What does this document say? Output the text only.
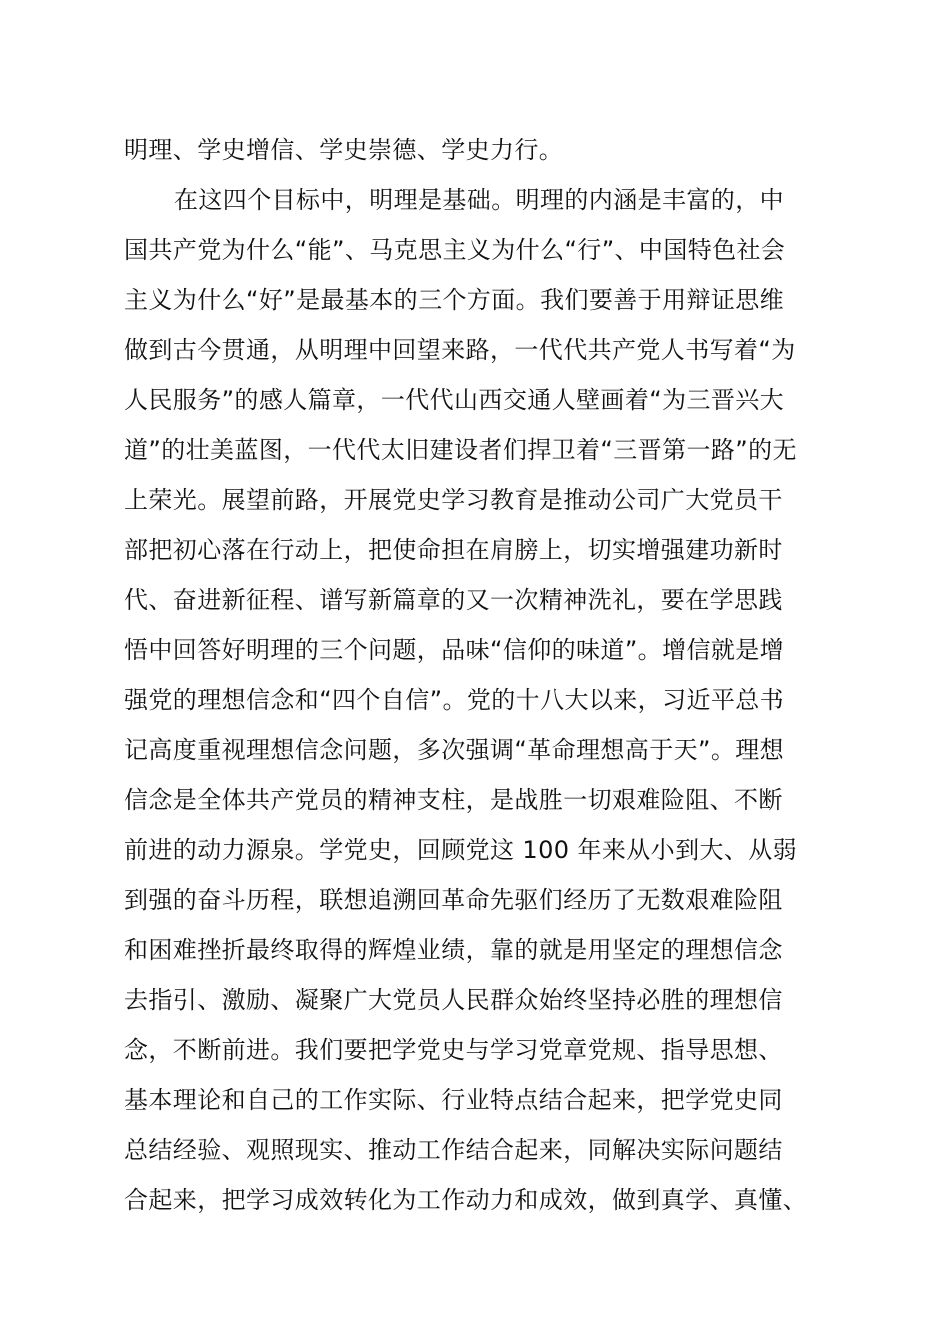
明理、学史增信、学史崇德、学史力行。
在这四个目标中，明理是基础。明理的内涵是丰富的，中
国共产党为什么“能”、马克思主义为什么“行”、中国特色社会
主义为什么“好”是最基本的三个方面。我们要善于用辩证思维
做到古今贯通，从明理中回望来路，一代代共产党人书写着“为
人民服务”的感人篇章，一代代山西交通人壁画着“为三晋兴大
道”的壮美蓝图，一代代太旧建设者们捍卫着“三晋第一路”的无
上荣光。展望前路，开展党史学习教育是推动公司广大党员干
部把初心落在行动上，把使命担在肩膀上，切实增强建功新时
代、奋进新征程、谱写新篇章的又一次精神洗礼，要在学思践
悟中回答好明理的三个问题，品味“信仰的味道”。增信就是增
强党的理想信念和“四个自信”。党的十八大以来，习近平总书
记高度重视理想信念问题，多次强调“革命理想高于天”。理想
信念是全体共产党员的精神支柱，是战胜一切艰难险阻、不断
前进的动力源泉。学党史，回顾党这 100 年来从小到大、从弱
到强的奋斗历程，联想追溯回革命先驱们经历了无数艰难险阻
和困难挫折最终取得的辉煌业绩，靠的就是用坚定的理想信念
去指引、激励、凝聚广大党员人民群众始终坚持必胜的理想信
念，不断前进。我们要把学党史与学习党章党规、指导思想、
基本理论和自己的工作实际、行业特点结合起来，把学党史同
总结经验、观照现实、推动工作结合起来，同解决实际问题结
合起来，把学习成效转化为工作动力和成效，做到真学、真懂、
